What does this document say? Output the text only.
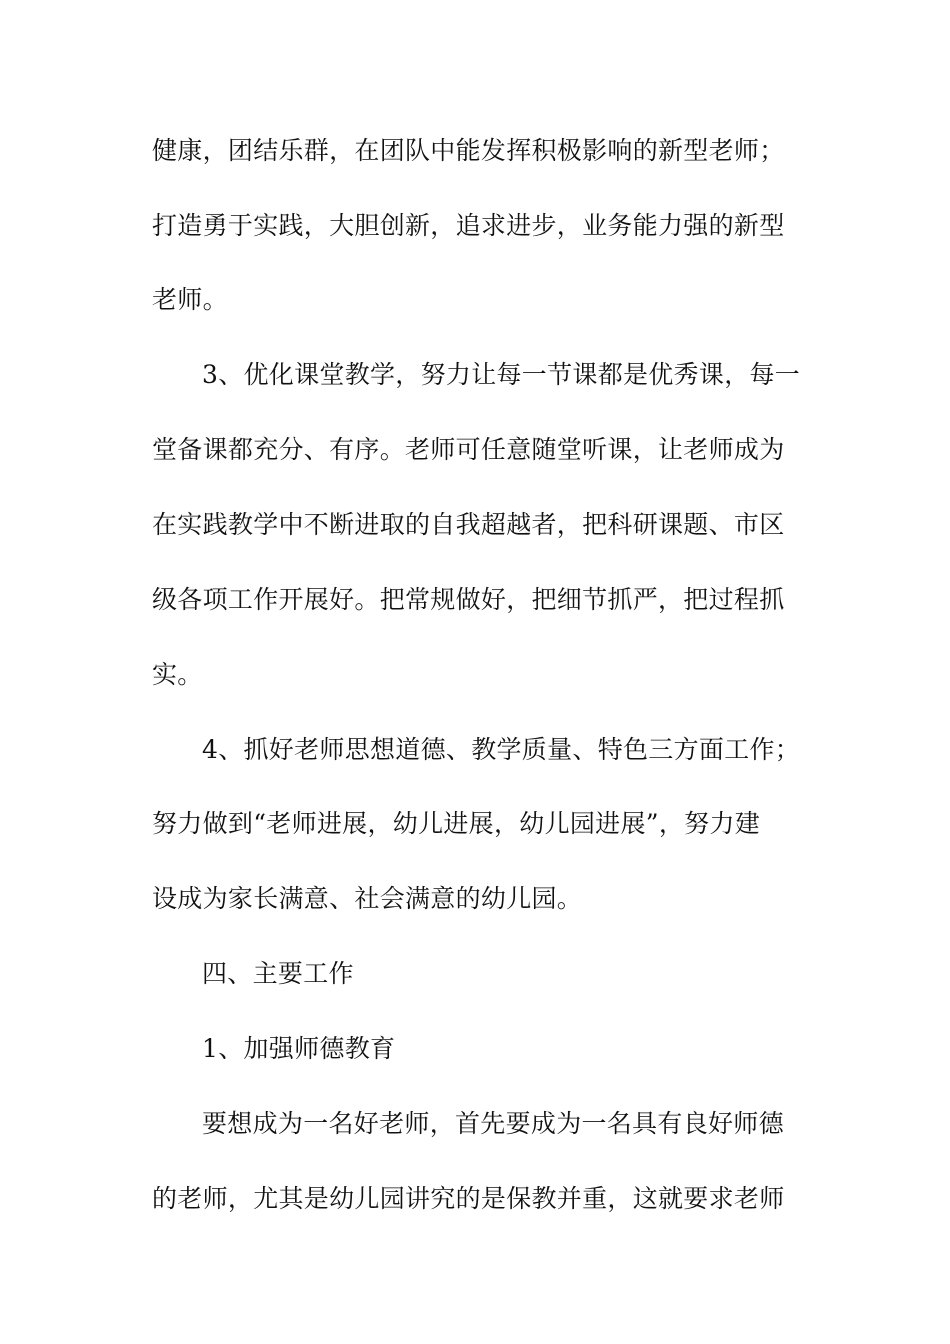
健康，团结乐群，在团队中能发挥积极影响的新型老师；
打造勇于实践，大胆创新，追求进步，业务能力强的新型
老师。
3、优化课堂教学，努力让每一节课都是优秀课，每一
堂备课都充分、有序。老师可任意随堂听课，让老师成为
在实践教学中不断进取的自我超越者，把科研课题、市区
级各项工作开展好。把常规做好，把细节抓严，把过程抓
实。
4、抓好老师思想道德、教学质量、特色三方面工作；
努力做到“老师进展，幼儿进展，幼儿园进展”，努力建
设成为家长满意、社会满意的幼儿园。
四、主要工作
1、加强师德教育
要想成为一名好老师，首先要成为一名具有良好师德
的老师，尤其是幼儿园讲究的是保教并重，这就要求老师
